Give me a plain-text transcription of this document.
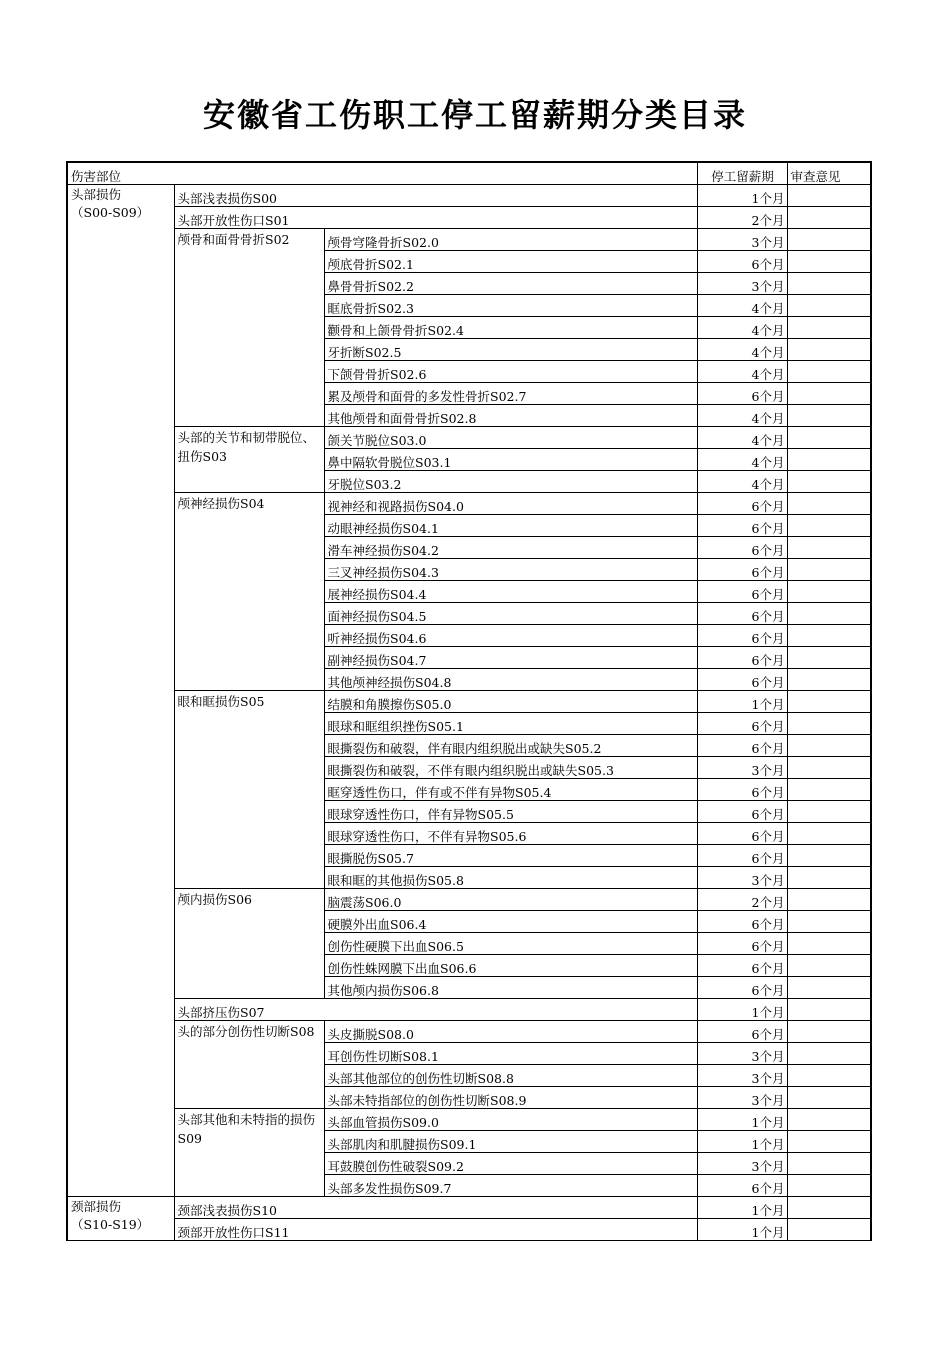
安徽省工伤职工停工留薪期分类目录
伤害部位			停工留薪期	审查意见

头部损伤
（S00-S09）	头部浅表损伤S00		1个月	
	头部开放性伤口S01		2个月	
	颅骨和面骨骨折S02	颅骨穹隆骨折S02.0	3个月	
		颅底骨折S02.1	6个月	
		鼻骨骨折S02.2	3个月	
		眶底骨折S02.3	4个月	
		颧骨和上颌骨骨折S02.4	4个月	
		牙折断S02.5	4个月	
		下颌骨骨折S02.6	4个月	
		累及颅骨和面骨的多发性骨折S02.7	6个月	
		其他颅骨和面骨骨折S02.8	4个月	
	头部的关节和韧带脱位、扭伤S03	颌关节脱位S03.0	4个月	
		鼻中隔软骨脱位S03.1	4个月	
		牙脱位S03.2	4个月	
	颅神经损伤S04	视神经和视路损伤S04.0	6个月	
		动眼神经损伤S04.1	6个月	
		滑车神经损伤S04.2	6个月	
		三叉神经损伤S04.3	6个月	
		展神经损伤S04.4	6个月	
		面神经损伤S04.5	6个月	
		听神经损伤S04.6	6个月	
		副神经损伤S04.7	6个月	
		其他颅神经损伤S04.8	6个月	
	眼和眶损伤S05	结膜和角膜擦伤S05.0	1个月	
		眼球和眶组织挫伤S05.1	6个月	
		眼撕裂伤和破裂，伴有眼内组织脱出或缺失S05.2	6个月	
		眼撕裂伤和破裂，不伴有眼内组织脱出或缺失S05.3	3个月	
		眶穿透性伤口，伴有或不伴有异物S05.4	6个月	
		眼球穿透性伤口，伴有异物S05.5	6个月	
		眼球穿透性伤口，不伴有异物S05.6	6个月	
		眼撕脱伤S05.7	6个月	
		眼和眶的其他损伤S05.8	3个月	
	颅内损伤S06	脑震荡S06.0	2个月	
		硬膜外出血S06.4	6个月	
		创伤性硬膜下出血S06.5	6个月	
		创伤性蛛网膜下出血S06.6	6个月	
		其他颅内损伤S06.8	6个月	
	头部挤压伤S07		1个月	
	头的部分创伤性切断S08	头皮撕脱S08.0	6个月	
		耳创伤性切断S08.1	3个月	
		头部其他部位的创伤性切断S08.8	3个月	
		头部未特指部位的创伤性切断S08.9	3个月	
	头部其他和未特指的损伤S09	头部血管损伤S09.0	1个月	
		头部肌肉和肌腱损伤S09.1	1个月	
		耳鼓膜创伤性破裂S09.2	3个月	
		头部多发性损伤S09.7	6个月	

颈部损伤
（S10-S19）	颈部浅表损伤S10		1个月	
	颈部开放性伤口S11		1个月	
